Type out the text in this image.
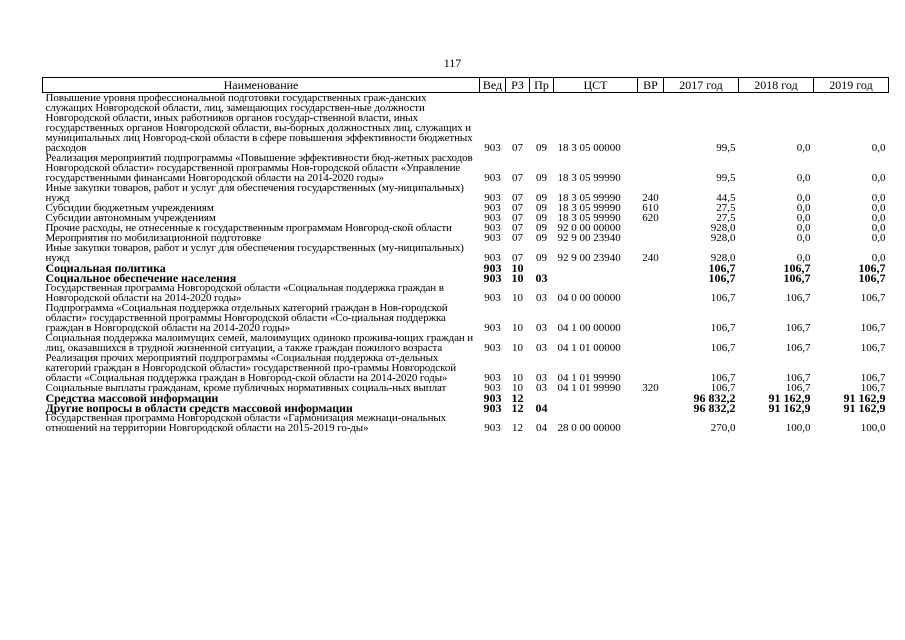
117
Наименование	Вед	РЗ	Пр	ЦСТ	ВР	2017 год	2018 год	2019 год
Повышение уровня профессиональной подготовки государственных граж-данских служащих Новгородской области, лиц, замещающих государствен-ные должности Новгородской области, иных работников органов государ-ственной власти, иных государственных органов Новгородской области, вы-борных должностных лиц, служащих и муниципальных лиц Новгород-ской области в сфере повышения эффективности бюджетных расходов	903	07	09	18 3 05 00000		99,5	0,0	0,0
Реализация мероприятий подпрограммы «Повышение эффективности бюд-жетных расходов Новгородской области» государственной программы Нов-городской области «Управление государственными финансами Новгородской области на 2014-2020 годы»	903	07	09	18 3 05 99990		99,5	0,0	0,0
Иные закупки товаров, работ и услуг для обеспечения государственных (му-ниципальных) нужд	903	07	09	18 3 05 99990	240	44,5	0,0	0,0
Субсидии бюджетным учреждениям	903	07	09	18 3 05 99990	610	27,5	0,0	0,0
Субсидии автономным учреждениям	903	07	09	18 3 05 99990	620	27,5	0,0	0,0
Прочие расходы, не отнесенные к государственным программам Новгород-ской области	903	07	09	92 0 00 00000		928,0	0,0	0,0
Мероприятия по мобилизационной подготовке	903	07	09	92 9 00 23940		928,0	0,0	0,0
Иные закупки товаров, работ и услуг для обеспечения государственных (му-ниципальных) нужд	903	07	09	92 9 00 23940	240	928,0	0,0	0,0
Социальная политика	903	10				106,7	106,7	106,7
Социальное обеспечение населения	903	10	03			106,7	106,7	106,7
Государственная программа Новгородской области «Социальная поддержка граждан в Новгородской области на 2014-2020 годы»	903	10	03	04 0 00 00000		106,7	106,7	106,7
Подпрограмма «Социальная поддержка отдельных категорий граждан в Нов-городской области» государственной программы Новгородской области «Со-циальная поддержка граждан в Новгородской области на 2014-2020 годы»	903	10	03	04 1 00 00000		106,7	106,7	106,7
Социальная поддержка малоимущих семей, малоимущих одиноко прожива-ющих граждан и лиц, оказавшихся в трудной жизненной ситуации, а также граждан пожилого возраста	903	10	03	04 1 01 00000		106,7	106,7	106,7
Реализация прочих мероприятий подпрограммы «Социальная поддержка от-дельных категорий граждан в Новгородской области» государственной про-граммы Новгородской области «Социальная поддержка граждан в Новгород-ской области на 2014-2020 годы»	903	10	03	04 1 01 99990		106,7	106,7	106,7
Социальные выплаты гражданам, кроме публичных нормативных социаль-ных выплат	903	10	03	04 1 01 99990	320	106,7	106,7	106,7
Средства массовой информации	903	12				96 832,2	91 162,9	91 162,9
Другие вопросы в области средств массовой информации	903	12	04			96 832,2	91 162,9	91 162,9
Государственная программа Новгородской области «Гармонизация межнаци-ональных отношений на территории Новгородской области на 2015-2019 го-ды»	903	12	04	28 0 00 00000		270,0	100,0	100,0
